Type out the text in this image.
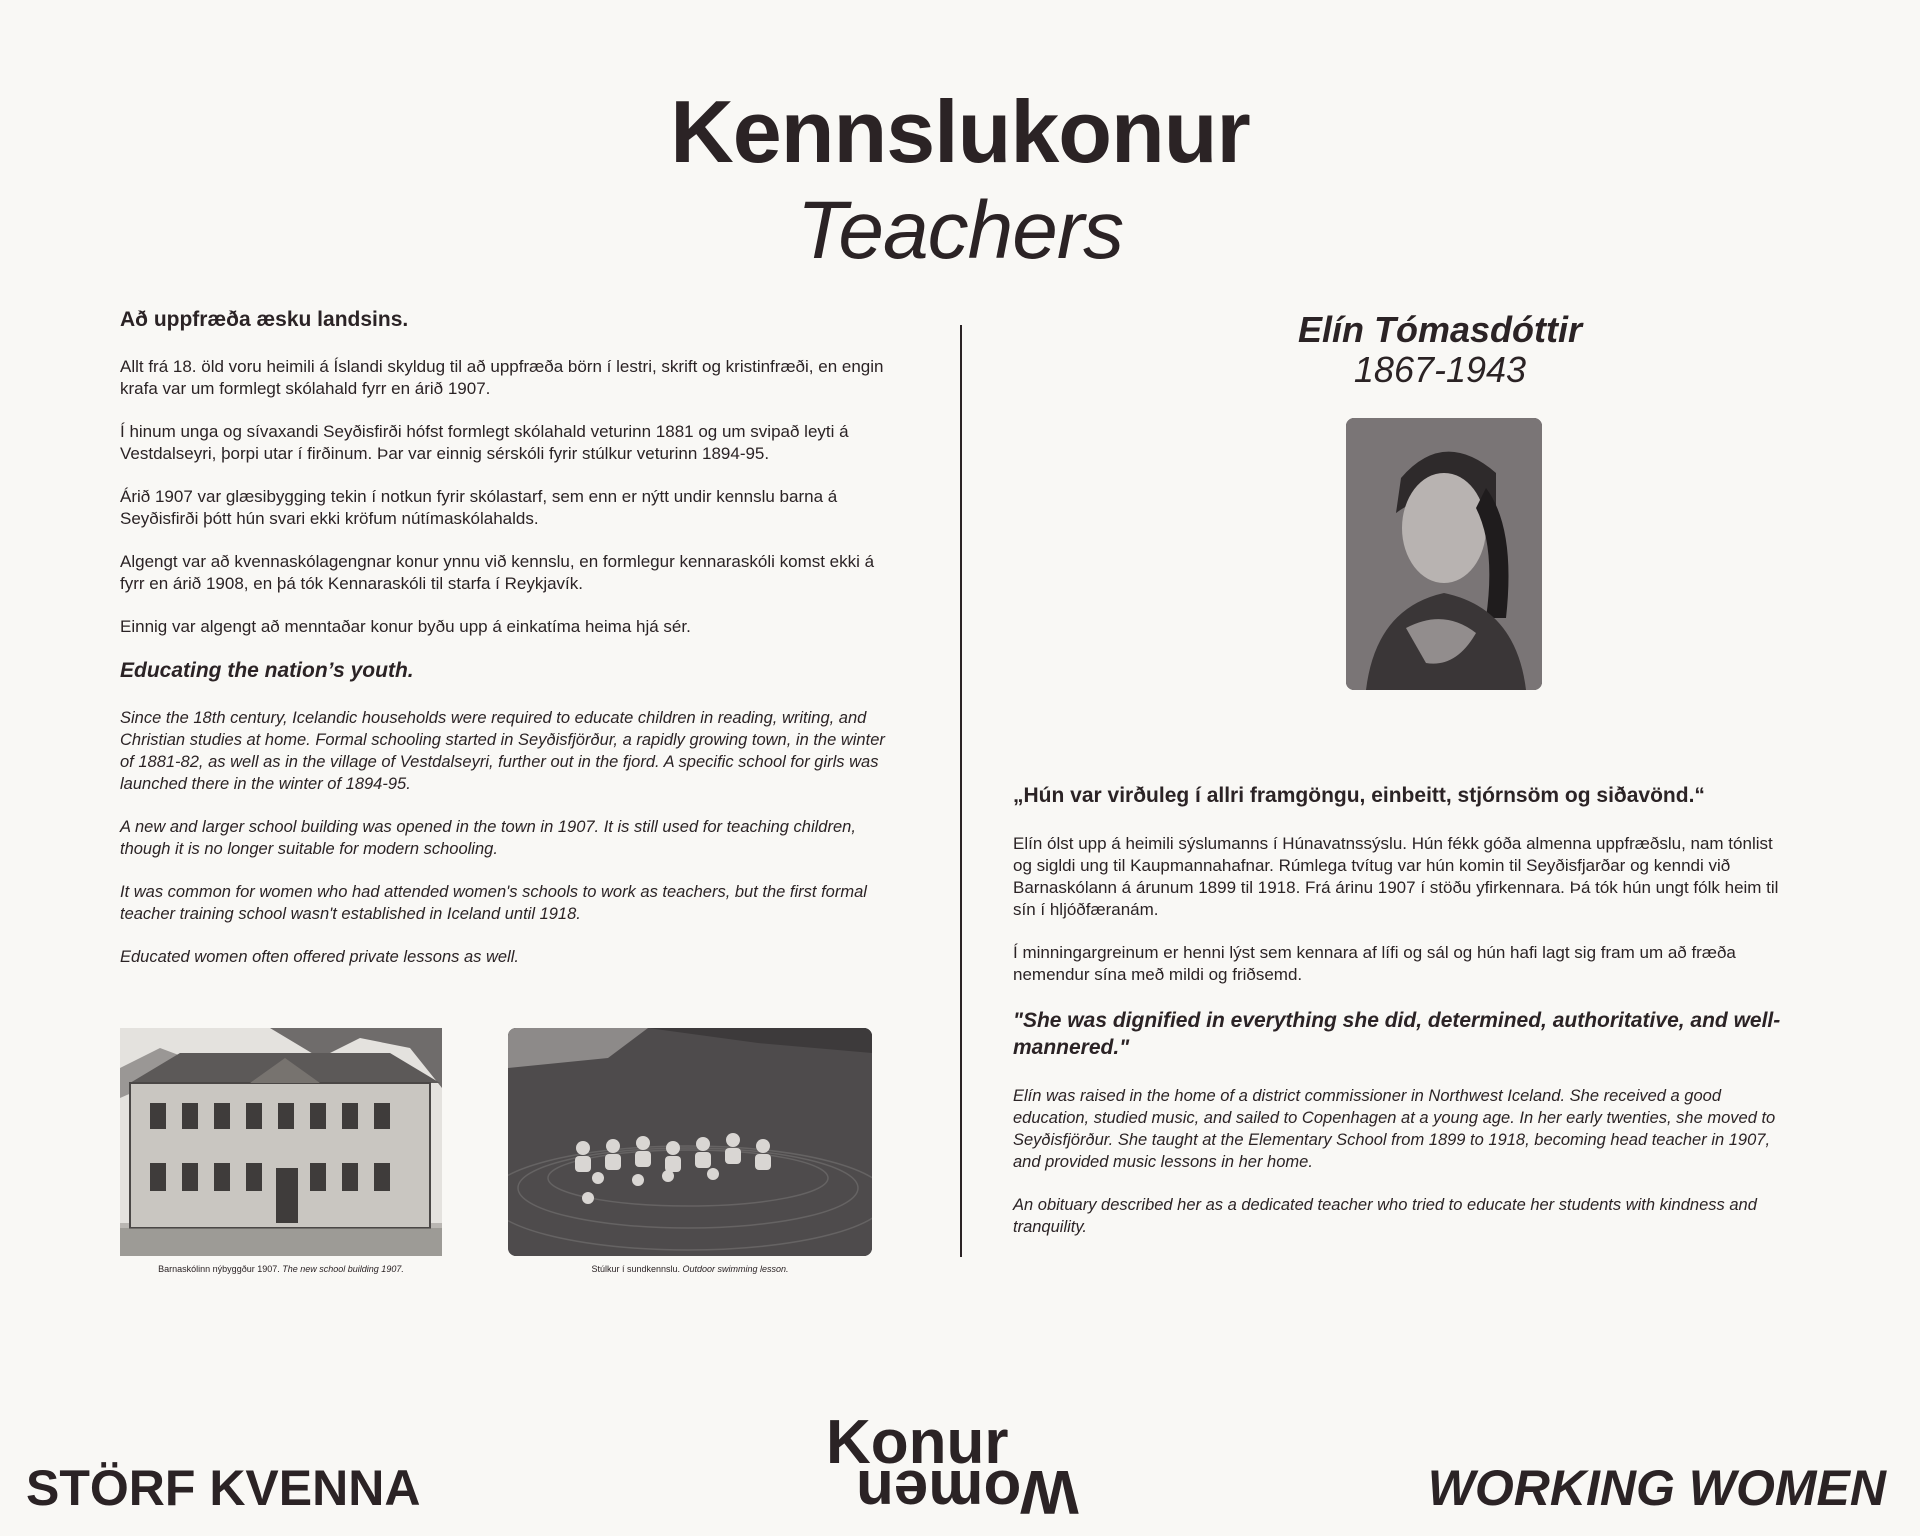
Kennslukonur
Teachers
Að uppfræða æsku landsins.

Allt frá 18. öld voru heimili á Íslandi skyldug til að uppfræða börn í lestri, skrift og kristinfræði, en engin krafa var um formlegt skólahald fyrr en árið 1907.

Í hinum unga og sívaxandi Seyðisfirði hófst formlegt skólahald veturinn 1881 og um svipað leyti á Vestdalseyri, þorpi utar í firðinum. Þar var einnig sérskóli fyrir stúlkur veturinn 1894-95.

Árið 1907 var glæsibygging tekin í notkun fyrir skólastarf, sem enn er nýtt undir kennslu barna á Seyðisfirði þótt hún svari ekki kröfum nútímaskólahalds.

Algengt var að kvennaskólagengnar konur ynnu við kennslu, en formlegur kennaraskóli komst ekki á fyrr en árið 1908, en þá tók Kennaraskóli til starfa í Reykjavík.

Einnig var algengt að menntaðar konur byðu upp á einkatíma heima hjá sér.

Educating the nation’s youth.

Since the 18th century, Icelandic households were required to educate children in reading, writing, and Christian studies at home. Formal schooling started in Seyðisfjörður, a rapidly growing town, in the winter of 1881-82, as well as in the village of Vestdalseyri, further out in the fjord. A specific school for girls was launched there in the winter of 1894-95.

A new and larger school building was opened in the town in 1907. It is still used for teaching children, though it is no longer suitable for modern schooling.

It was common for women who had attended women's schools to work as teachers, but the first formal teacher training school wasn't established in Iceland until 1918.

Educated women often offered private lessons as well.

Barnaskólinn nýbyggður 1907. The new school building 1907.	Stúlkur í sundkennslu. Outdoor swimming lesson.
Elín Tómasdóttir
1867-1943
„Hún var virðuleg í allri framgöngu, einbeitt, stjórnsöm og siðavönd.“

Elín ólst upp á heimili sýslumanns í Húnavatnssýslu. Hún fékk góða almenna uppfræðslu, nam tónlist og sigldi ung til Kaupmannahafnar. Rúmlega tvítug var hún komin til Seyðisfjarðar og kenndi við Barnaskólann á árunum 1899 til 1918. Frá árinu 1907 í stöðu yfirkennara. Þá tók hún ungt fólk heim til sín í hljóðfæranám.

Í minningargreinum er henni lýst sem kennara af lífi og sál og hún hafi lagt sig fram um að fræða nemendur sína með mildi og friðsemd.

"She was dignified in everything she did, determined, authoritative, and well-mannered."

Elín was raised in the home of a district commissioner in Northwest Iceland. She received a good education, studied music, and sailed to Copenhagen at a young age. In her early twenties, she moved to Seyðisfjörður. She taught at the Elementary School from 1899 to 1918, becoming head teacher in 1907, and provided music lessons in her home.

An obituary described her as a dedicated teacher who tried to educate her students with kindness and tranquility.

STÖRF KVENNA
Konur
Women	WORKING WOMEN
